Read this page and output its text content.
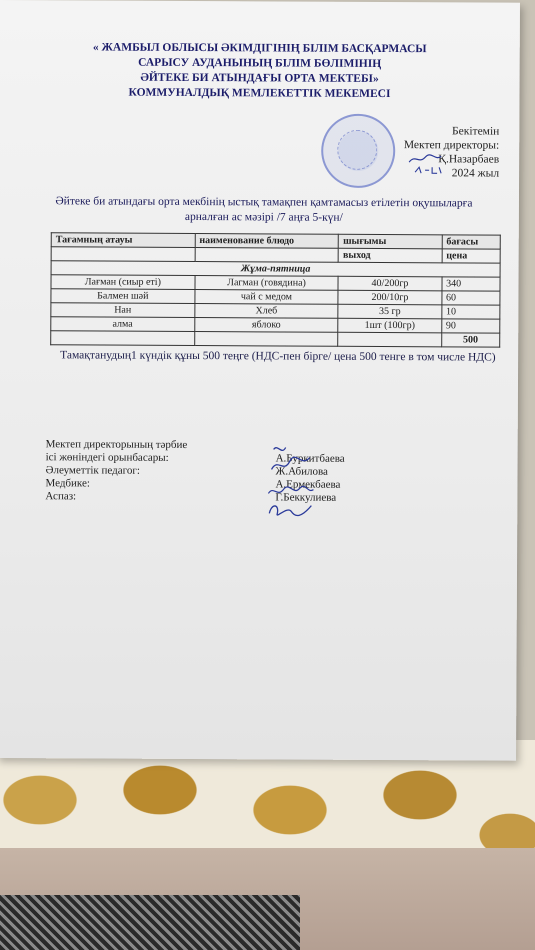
« ЖАМБЫЛ ОБЛЫСЫ ӘКІМДІГІНІҢ БІЛІМ БАСҚАРМАСЫ
САРЫСУ АУДАНЫНЫҢ БІЛІМ БӨЛІМІНІҢ
ӘЙТЕКЕ БИ АТЫНДАҒЫ ОРТА МЕКТЕБІ»
КОММУНАЛДЫҚ МЕМЛЕКЕТТІК МЕКЕМЕСІ
Бекітемін
Мектеп директоры:
Қ.Назарбаев
2024 жыл
Әйтеке би атындағы орта мекбінің ыстық тамақпен қамтамасыз етілетін оқушыларға
арналған ас мәзірі /7 аңға 5-күн/
Тағамның атауы	наименование блюдо	шығымы	бағасы
		выход	цена
Жұма-пятница			
Лағман (сиыр еті)	Лагман (говядина)	40/200гр	340
Балмен шәй	чай с медом	200/10гр	60
Нан	Хлеб	35 гр	10
алма	яблоко	1шт (100гр)	90
			500
Тамақтанудың1 күндік құны 500 теңге (НДС-пен бірге/ цена 500 тенге в том числе НДС)
Мектеп директорының тәрбие
ісі жөніндегі орынбасары:	А.Буркитбаева
Әлеуметтік педагог:	Ж.Абилова
Медбике:	А.Ермекбаева
Аспаз:	Г.Беккулиева
